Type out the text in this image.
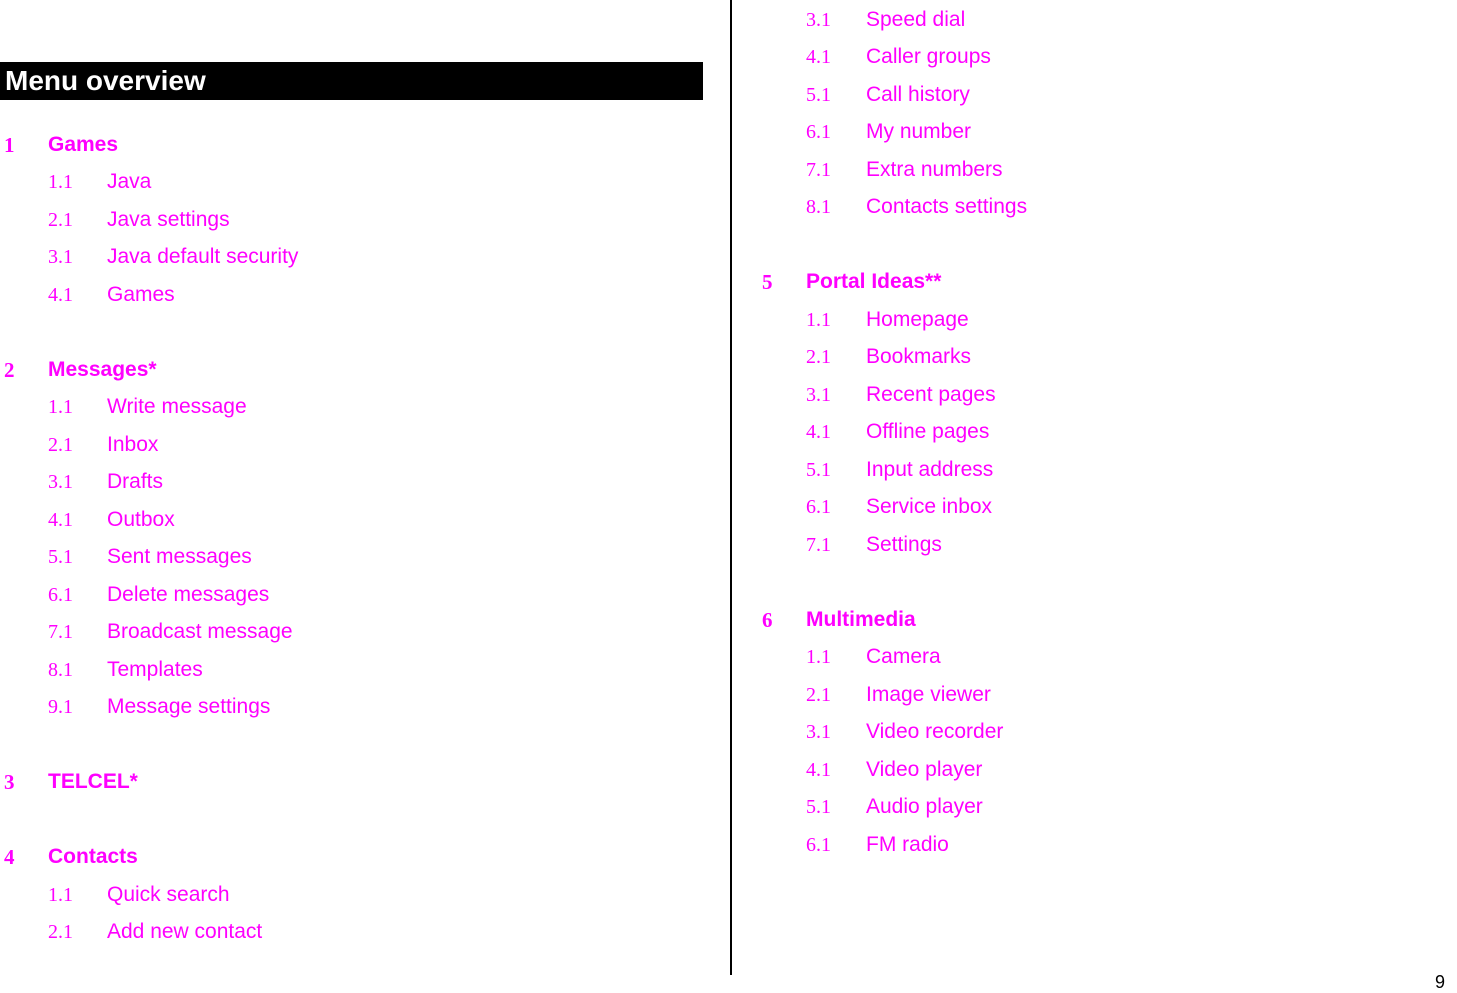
Menu overview
1 Games
1.1 Java
2.1 Java settings
3.1 Java default security
4.1 Games
2 Messages*
1.1 Write message
2.1 Inbox
3.1 Drafts
4.1 Outbox
5.1 Sent messages
6.1 Delete messages
7.1 Broadcast message
8.1 Templates
9.1 Message settings
3 TELCEL*
4 Contacts
1.1 Quick search
2.1 Add new contact
3.1 Speed dial
4.1 Caller groups
5.1 Call history
6.1 My number
7.1 Extra numbers
8.1 Contacts settings
5 Portal Ideas**
1.1 Homepage
2.1 Bookmarks
3.1 Recent pages
4.1 Offline pages
5.1 Input address
6.1 Service inbox
7.1 Settings
6 Multimedia
1.1 Camera
2.1 Image viewer
3.1 Video recorder
4.1 Video player
5.1 Audio player
6.1 FM radio
9
